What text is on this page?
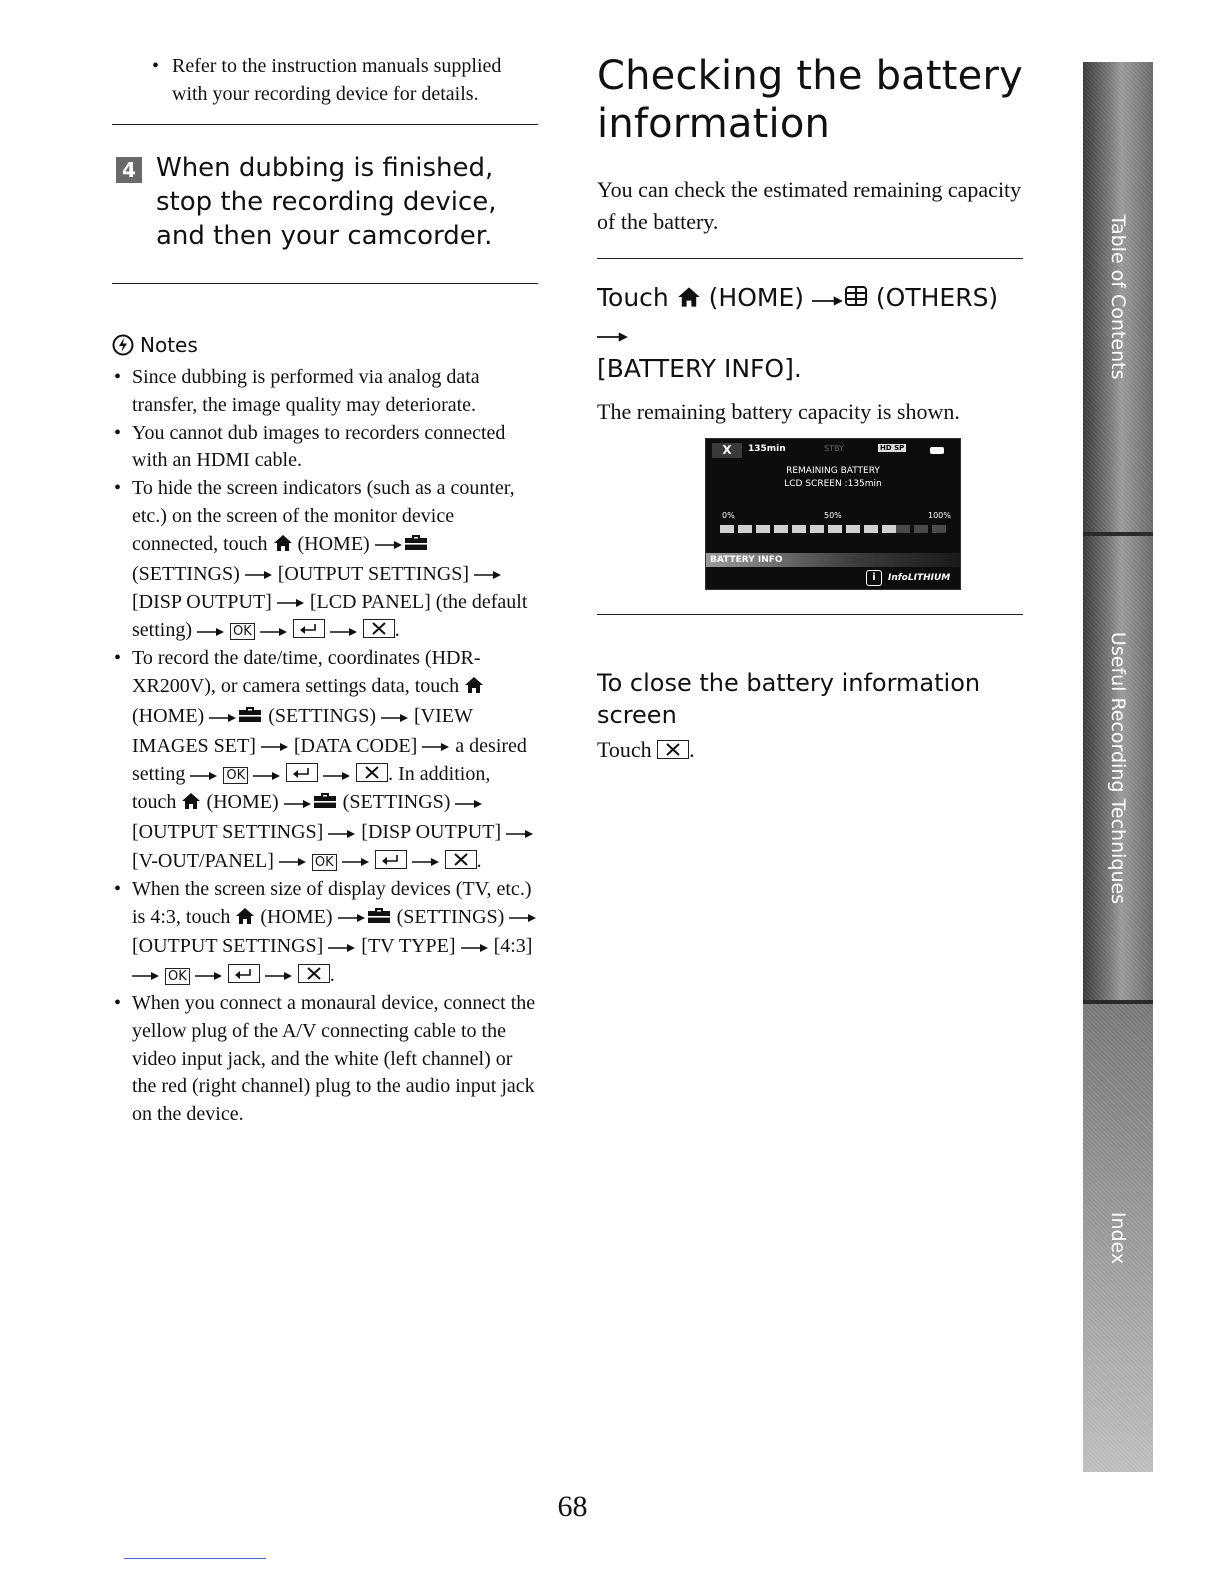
• Refer to the instruction manuals supplied with your recording device for details.
4 When dubbing is finished, stop the recording device, and then your camcorder.
Notes
• Since dubbing is performed via analog data transfer, the image quality may deteriorate.
• You cannot dub images to recorders connected with an HDMI cable.
• To hide the screen indicators (such as a counter, etc.) on the screen of the monitor device connected, touch  (HOME)  (SETTINGS)  [OUTPUT SETTINGS]  [DISP OUTPUT]  [LCD PANEL] (the default setting)	OK
	.
• To record the date/time, coordinates (HDR-XR200V), or camera settings data, touch  (HOME)	(SETTINGS)  [VIEW IMAGES SET]  [DATA CODE]  a desired setting	OK
	. In addition, touch  (HOME)	(SETTINGS)  [OUTPUT SETTINGS]  [DISP OUTPUT]  [V-OUT/PANEL]	OK
	.
• When the screen size of display devices (TV, etc.) is 4:3, touch  (HOME)	(SETTINGS)  [OUTPUT SETTINGS]  [TV TYPE]  [4:3]  OK
	.
• When you connect a monaural device, connect the yellow plug of the A/V connecting cable to the video input jack, and the white (left channel) or the red (right channel) plug to the audio input jack on the device.
Checking the battery information
You can check the estimated remaining capacity of the battery.
Touch  (HOME)  (OTHERS)
[BATTERY INFO].
The remaining battery capacity is shown.
X	135min	STBY	HD SP
REMAINING BATTERY
LCD SCREEN :135min
0%	50%	100%
BATTERY INFO
i	InfoLITHIUM
To close the battery information screen
Touch
.
Table of Contents
Useful Recording Techniques
Index
68
